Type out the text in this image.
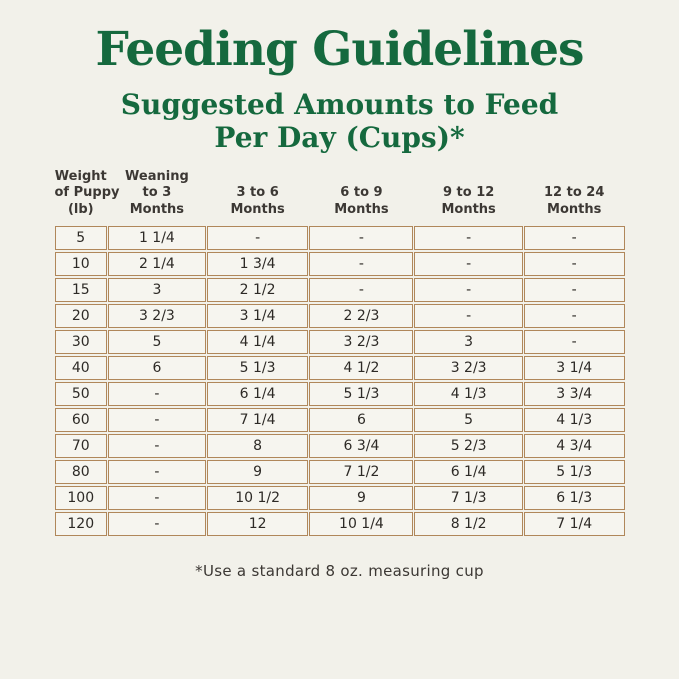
Feeding Guidelines
Suggested Amounts to Feed
Per Day (Cups)*
Weight
of Puppy
(lb)

Weaning
to 3
Months

3 to 6
Months

6 to 9
Months

9 to 12
Months

12 to 24
Months

5	1 1/4	-	-	-	-
10	2 1/4	1 3/4	-	-	-
15	3	2 1/2	-	-	-
20	3 2/3	3 1/4	2 2/3	-	-
30	5	4 1/4	3 2/3	3	-
40	6	5 1/3	4 1/2	3 2/3	3 1/4
50	-	6 1/4	5 1/3	4 1/3	3 3/4
60	-	7 1/4	6	5	4 1/3
70	-	8	6 3/4	5 2/3	4 3/4
80	-	9	7 1/2	6 1/4	5 1/3
100	-	10 1/2	9	7 1/3	6 1/3
120	-	12	10 1/4	8 1/2	7 1/4
*Use a standard 8 oz. measuring cup
